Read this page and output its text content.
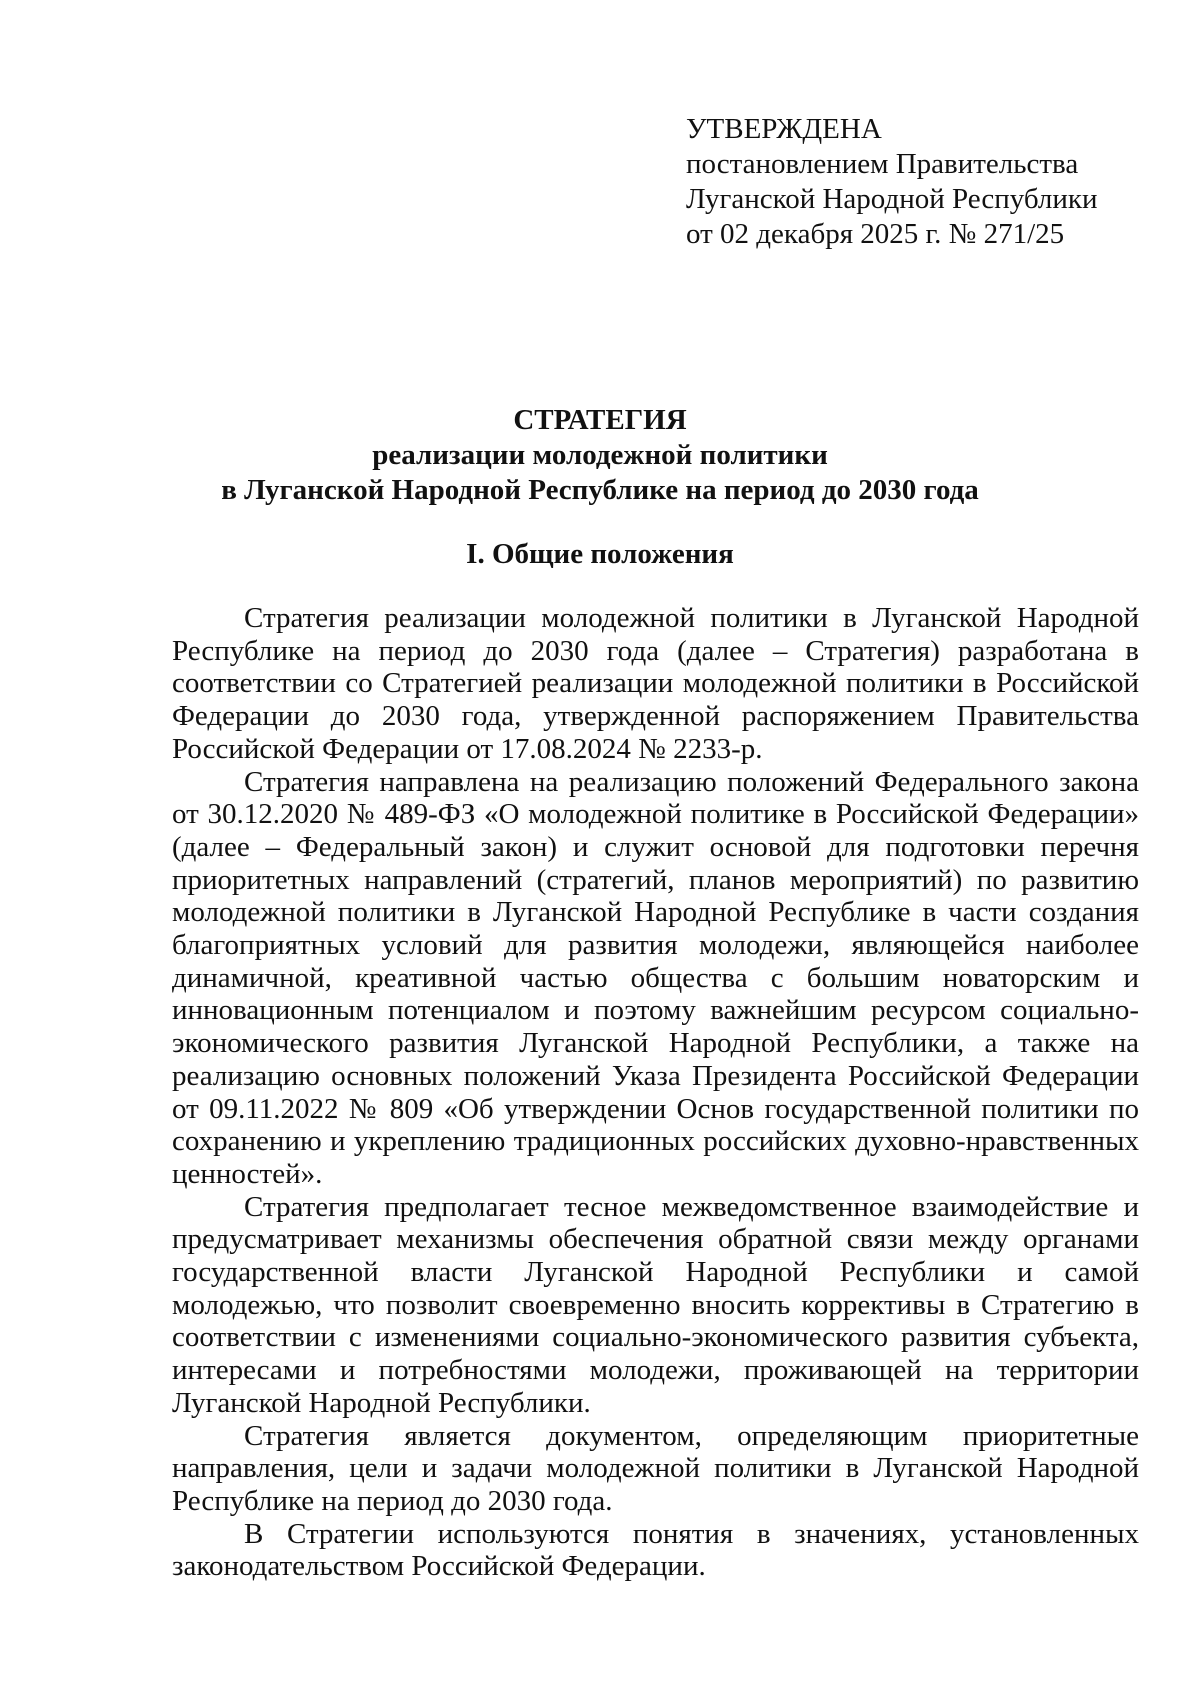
УТВЕРЖДЕНА
постановлением Правительства
Луганской Народной Республики
от 02 декабря 2025 г. № 271/25
СТРАТЕГИЯ
реализации молодежной политики
в Луганской Народной Республике на период до 2030 года
I. Общие положения

Стратегия реализации молодежной политики в Луганской Народной Республике на период до 2030 года (далее – Стратегия) разработана в соответствии со Стратегией реализации молодежной политики в Российской Федерации до 2030 года, утвержденной распоряжением Правительства Российской Федерации от 17.08.2024 № 2233-р.

Стратегия направлена на реализацию положений Федерального закона от 30.12.2020 № 489-ФЗ «О молодежной политике в Российской Федерации» (далее – Федеральный закон) и служит основой для подготовки перечня приоритетных направлений (стратегий, планов мероприятий) по развитию молодежной политики в Луганской Народной Республике в части создания благоприятных условий для развития молодежи, являющейся наиболее динамичной, креативной частью общества с большим новаторским и инновационным потенциалом и поэтому важнейшим ресурсом социально-экономического развития Луганской Народной Республики, а также на реализацию основных положений Указа Президента Российской Федерации от 09.11.2022 № 809 «Об утверждении Основ государственной политики по сохранению и укреплению традиционных российских духовно-нравственных ценностей».

Стратегия предполагает тесное межведомственное взаимодействие и предусматривает механизмы обеспечения обратной связи между органами государственной власти Луганской Народной Республики и самой молодежью, что позволит своевременно вносить коррективы в Стратегию в соответствии с изменениями социально-экономического развития субъекта, интересами и потребностями молодежи, проживающей на территории Луганской Народной Республики.

Стратегия является документом, определяющим приоритетные направления, цели и задачи молодежной политики в Луганской Народной Республике на период до 2030 года.

В Стратегии используются понятия в значениях, установленных законодательством Российской Федерации.
